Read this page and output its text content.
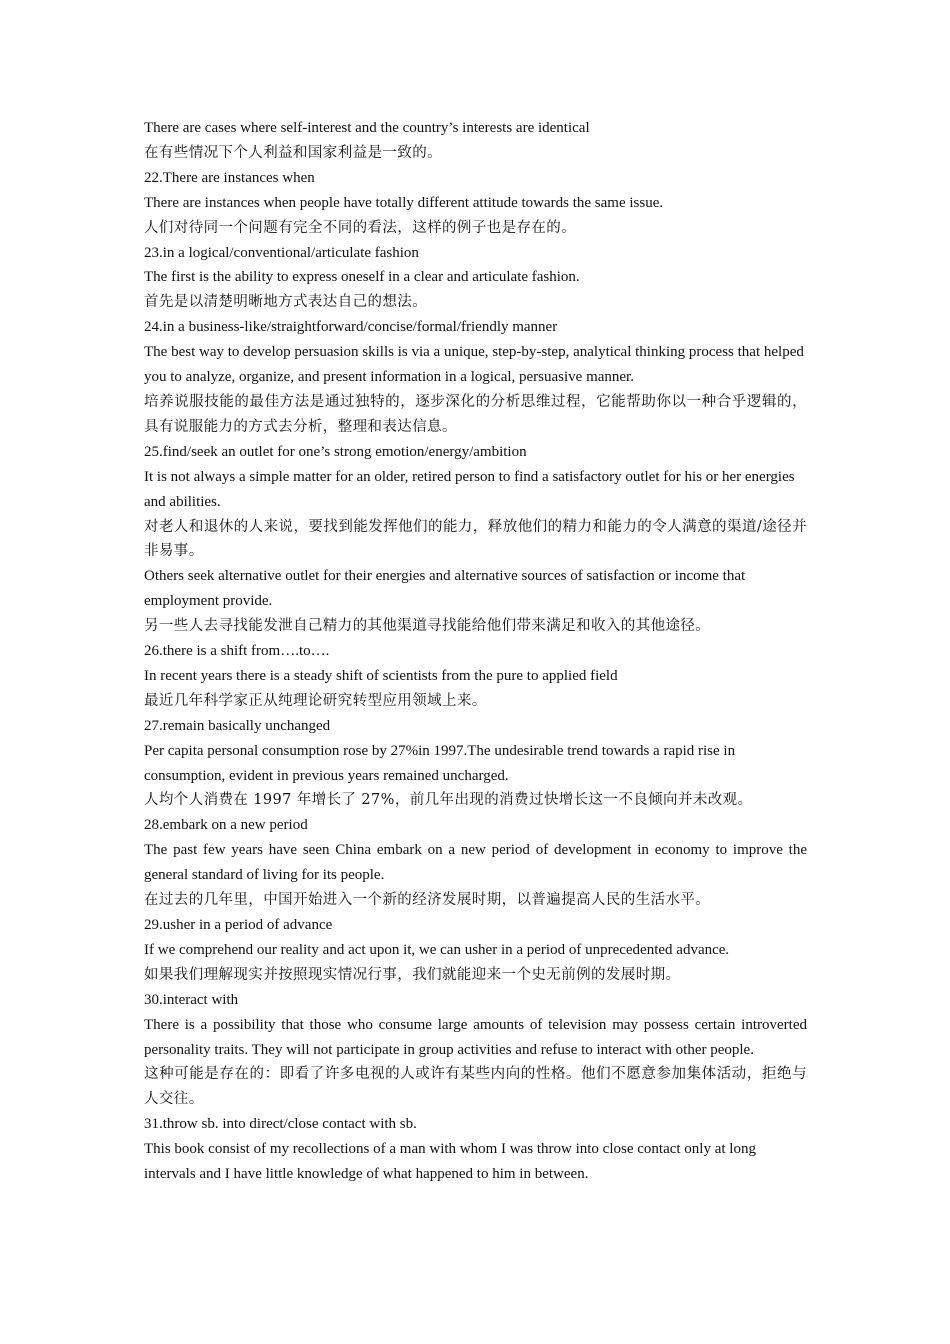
There are cases where self-interest and the country’s interests are identical

在有些情况下个人利益和国家利益是一致的。

22.There are instances when

There are instances when people have totally different attitude towards the same issue.

人们对待同一个问题有完全不同的看法，这样的例子也是存在的。

23.in a logical/conventional/articulate fashion

The first is the ability to express oneself in a clear and articulate fashion.

首先是以清楚明晰地方式表达自己的想法。

24.in a business-like/straightforward/concise/formal/friendly manner

The best way to develop persuasion skills is via a unique, step-by-step, analytical thinking process that helped you to analyze, organize, and present information in a logical, persuasive manner.

培养说服技能的最佳方法是通过独特的，逐步深化的分析思维过程，它能帮助你以一种合乎逻辑的，具有说服能力的方式去分析，整理和表达信息。

25.find/seek an outlet for one’s strong emotion/energy/ambition

It is not always a simple matter for an older, retired person to find a satisfactory outlet for his or her energies and abilities.

对老人和退休的人来说，要找到能发挥他们的能力，释放他们的精力和能力的令人满意的渠道/途径并非易事。

Others seek alternative outlet for their energies and alternative sources of satisfaction or income that employment provide.

另一些人去寻找能发泄自己精力的其他渠道寻找能给他们带来满足和收入的其他途径。

26.there is a shift from….to….

In recent years there is a steady shift of scientists from the pure to applied field

最近几年科学家正从纯理论研究转型应用领域上来。

27.remain basically unchanged

Per capita personal consumption rose by 27%in 1997.The undesirable trend towards a rapid rise in consumption, evident in previous years remained uncharged.

人均个人消费在 1997 年增长了 27%，前几年出现的消费过快增长这一不良倾向并未改观。

28.embark on a new period

The past few years have seen China embark on a new period of development in economy to improve the general standard of living for its people.

在过去的几年里，中国开始进入一个新的经济发展时期，以普遍提高人民的生活水平。

29.usher in a period of advance

If we comprehend our reality and act upon it, we can usher in a period of unprecedented advance.

如果我们理解现实并按照现实情况行事，我们就能迎来一个史无前例的发展时期。

30.interact with

There is a possibility that those who consume large amounts of television may possess certain introverted personality traits. They will not participate in group activities and refuse to interact with other people.

这种可能是存在的：即看了许多电视的人或许有某些内向的性格。他们不愿意参加集体活动，拒绝与人交往。

31.throw sb. into direct/close contact with sb.

This book consist of my recollections of a man with whom I was throw into close contact only at long intervals and I have little knowledge of what happened to him in between.
